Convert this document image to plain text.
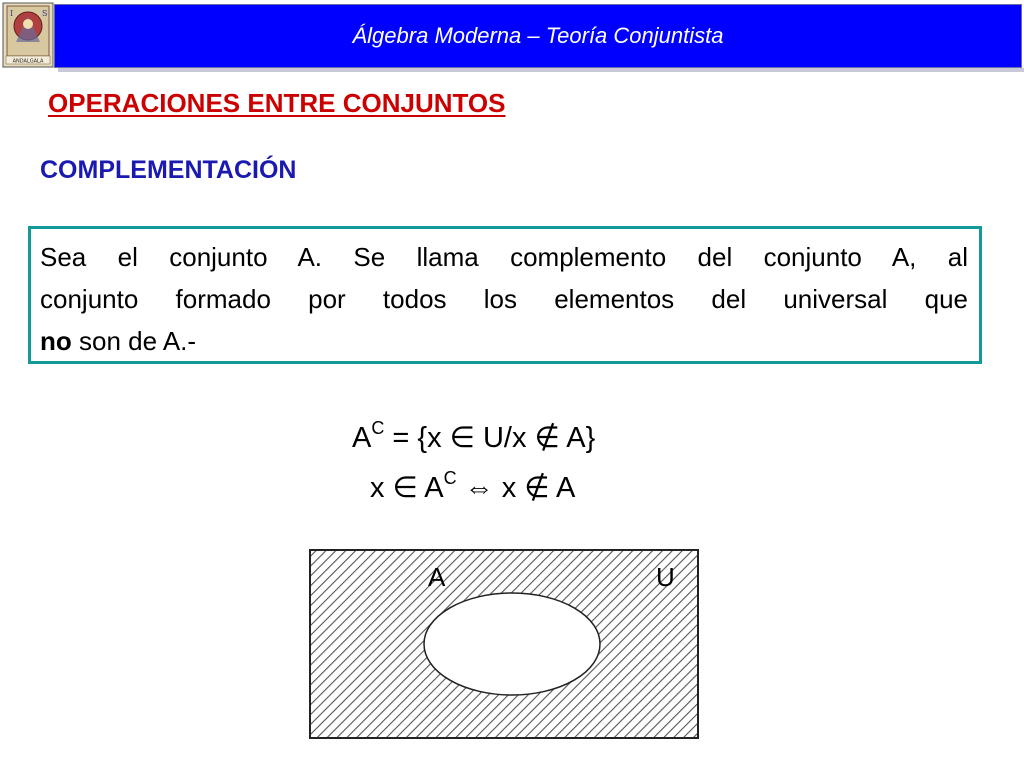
Álgebra Moderna – Teoría Conjuntista
I	S
ANDALGALA
OPERACIONES ENTRE CONJUNTOS
COMPLEMENTACIÓN
Sea el conjunto A. Se llama complemento del conjunto A, al
conjunto formado por todos los elementos del universal que
no son de A.-
$A^C = \{x$ ∈ U/x ∉ A}
x ∈ $A^C$ ⇔ x ∉ A
A	U
